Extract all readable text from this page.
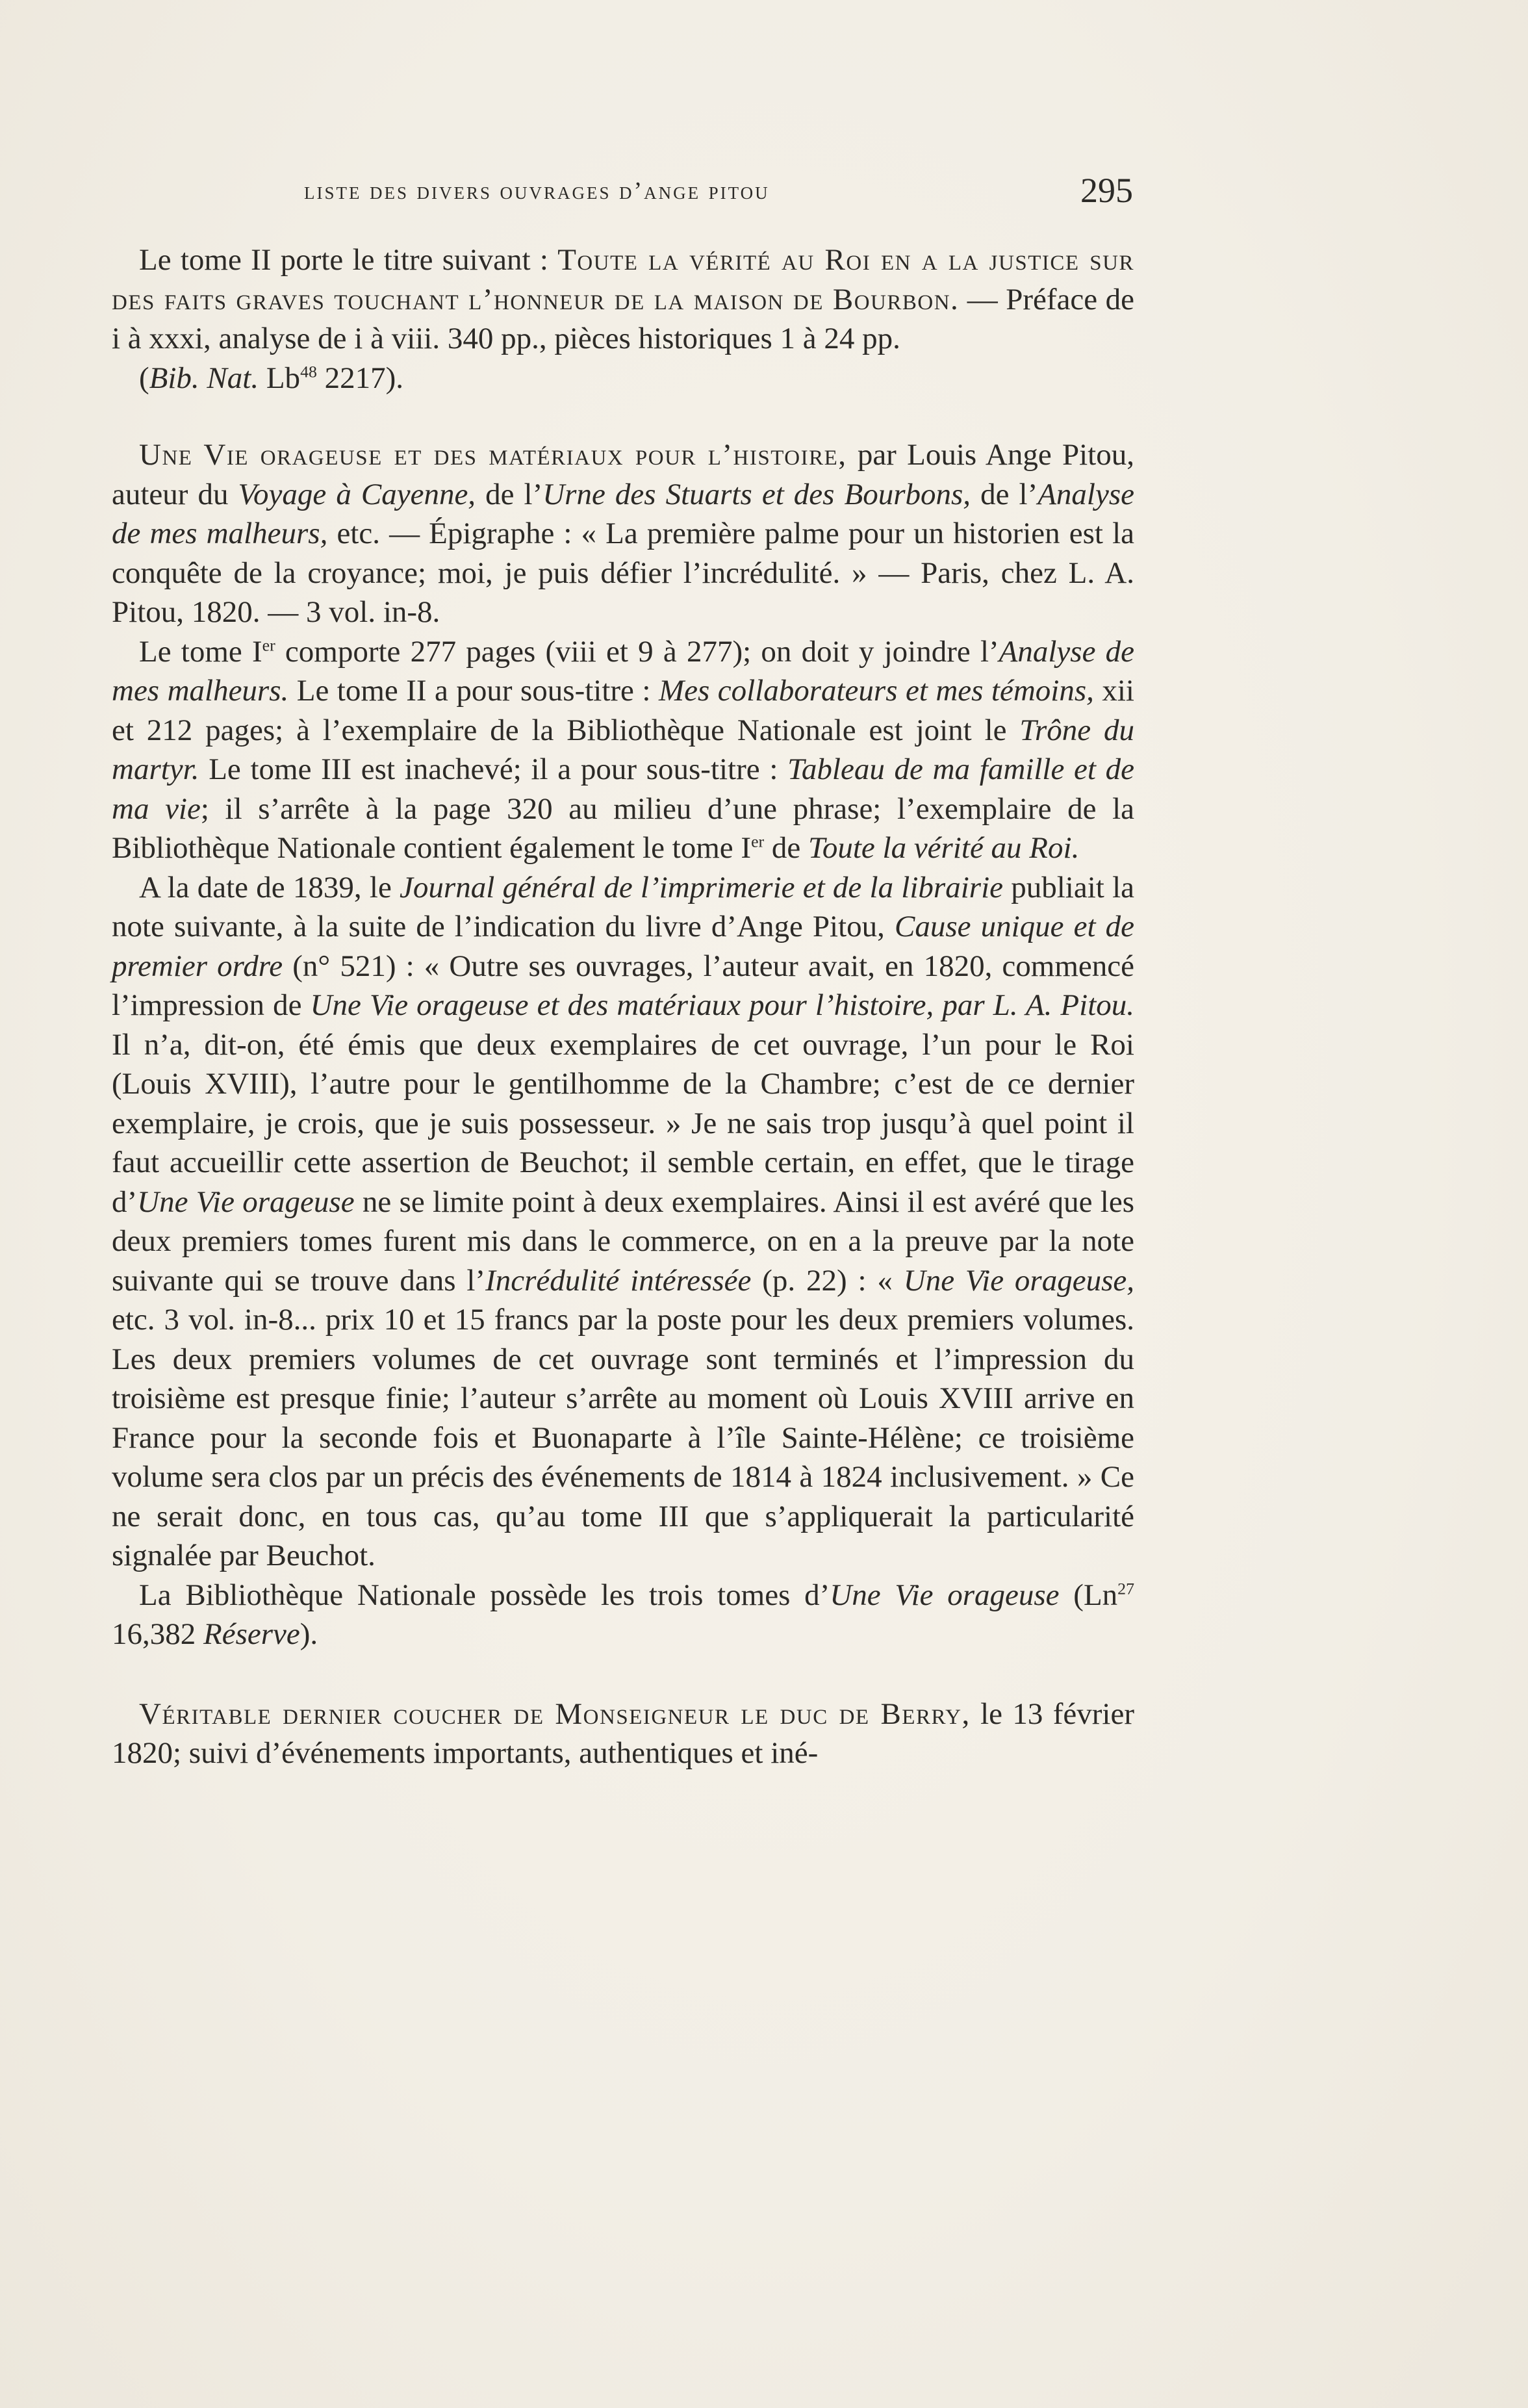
liste des divers ouvrages d’ange pitou	295

Le tome II porte le titre suivant : Toute la vérité au Roi en a la justice sur des faits graves touchant l’honneur de la maison de Bourbon. — Préface de i à xxxi, analyse de i à viii. 340 pp., pièces historiques 1 à 24 pp.

(Bib. Nat. Lb$^{48}$ 2217).

Une Vie orageuse et des matériaux pour l’histoire, par Louis Ange Pitou, auteur du Voyage à Cayenne, de l’Urne des Stuarts et des Bourbons, de l’Analyse de mes malheurs, etc. — Épigraphe : « La première palme pour un historien est la conquête de la croyance; moi, je puis défier l’incrédulité. » — Paris, chez L. A. Pitou, 1820. — 3 vol. in-8.

Le tome Ier comporte 277 pages (viii et 9 à 277); on doit y joindre l’Analyse de mes malheurs. Le tome II a pour sous-titre : Mes collaborateurs et mes témoins, xii et 212 pages; à l’exemplaire de la Bibliothèque Nationale est joint le Trône du martyr. Le tome III est inachevé; il a pour sous-titre : Tableau de ma famille et de ma vie; il s’arrête à la page 320 au milieu d’une phrase; l’exemplaire de la Bibliothèque Nationale contient également le tome Ier de Toute la vérité au Roi.

A la date de 1839, le Journal général de l’imprimerie et de la librairie publiait la note suivante, à la suite de l’indication du livre d’Ange Pitou, Cause unique et de premier ordre (n° 521) : « Outre ses ouvrages, l’auteur avait, en 1820, commencé l’impression de Une Vie orageuse et des matériaux pour l’histoire, par L. A. Pitou. Il n’a, dit-on, été émis que deux exemplaires de cet ouvrage, l’un pour le Roi (Louis XVIII), l’autre pour le gentilhomme de la Chambre; c’est de ce dernier exemplaire, je crois, que je suis possesseur. » Je ne sais trop jusqu’à quel point il faut accueillir cette assertion de Beuchot; il semble certain, en effet, que le tirage d’Une Vie orageuse ne se limite point à deux exemplaires. Ainsi il est avéré que les deux premiers tomes furent mis dans le commerce, on en a la preuve par la note suivante qui se trouve dans l’Incrédulité intéressée (p. 22) : « Une Vie orageuse, etc. 3 vol. in-8... prix 10 et 15 francs par la poste pour les deux premiers volumes. Les deux premiers volumes de cet ouvrage sont terminés et l’impression du troisième est presque finie; l’auteur s’arrête au moment où Louis XVIII arrive en France pour la seconde fois et Buonaparte à l’île Sainte-Hélène; ce troisième volume sera clos par un précis des événements de 1814 à 1824 inclusivement. » Ce ne serait donc, en tous cas, qu’au tome III que s’appliquerait la particularité signalée par Beuchot.

La Bibliothèque Nationale possède les trois tomes d’Une Vie orageuse (Ln$^{27}$ 16,382 Réserve).

Véritable dernier coucher de Monseigneur le duc de Berry, le 13 février 1820; suivi d’événements importants, authentiques et iné-
